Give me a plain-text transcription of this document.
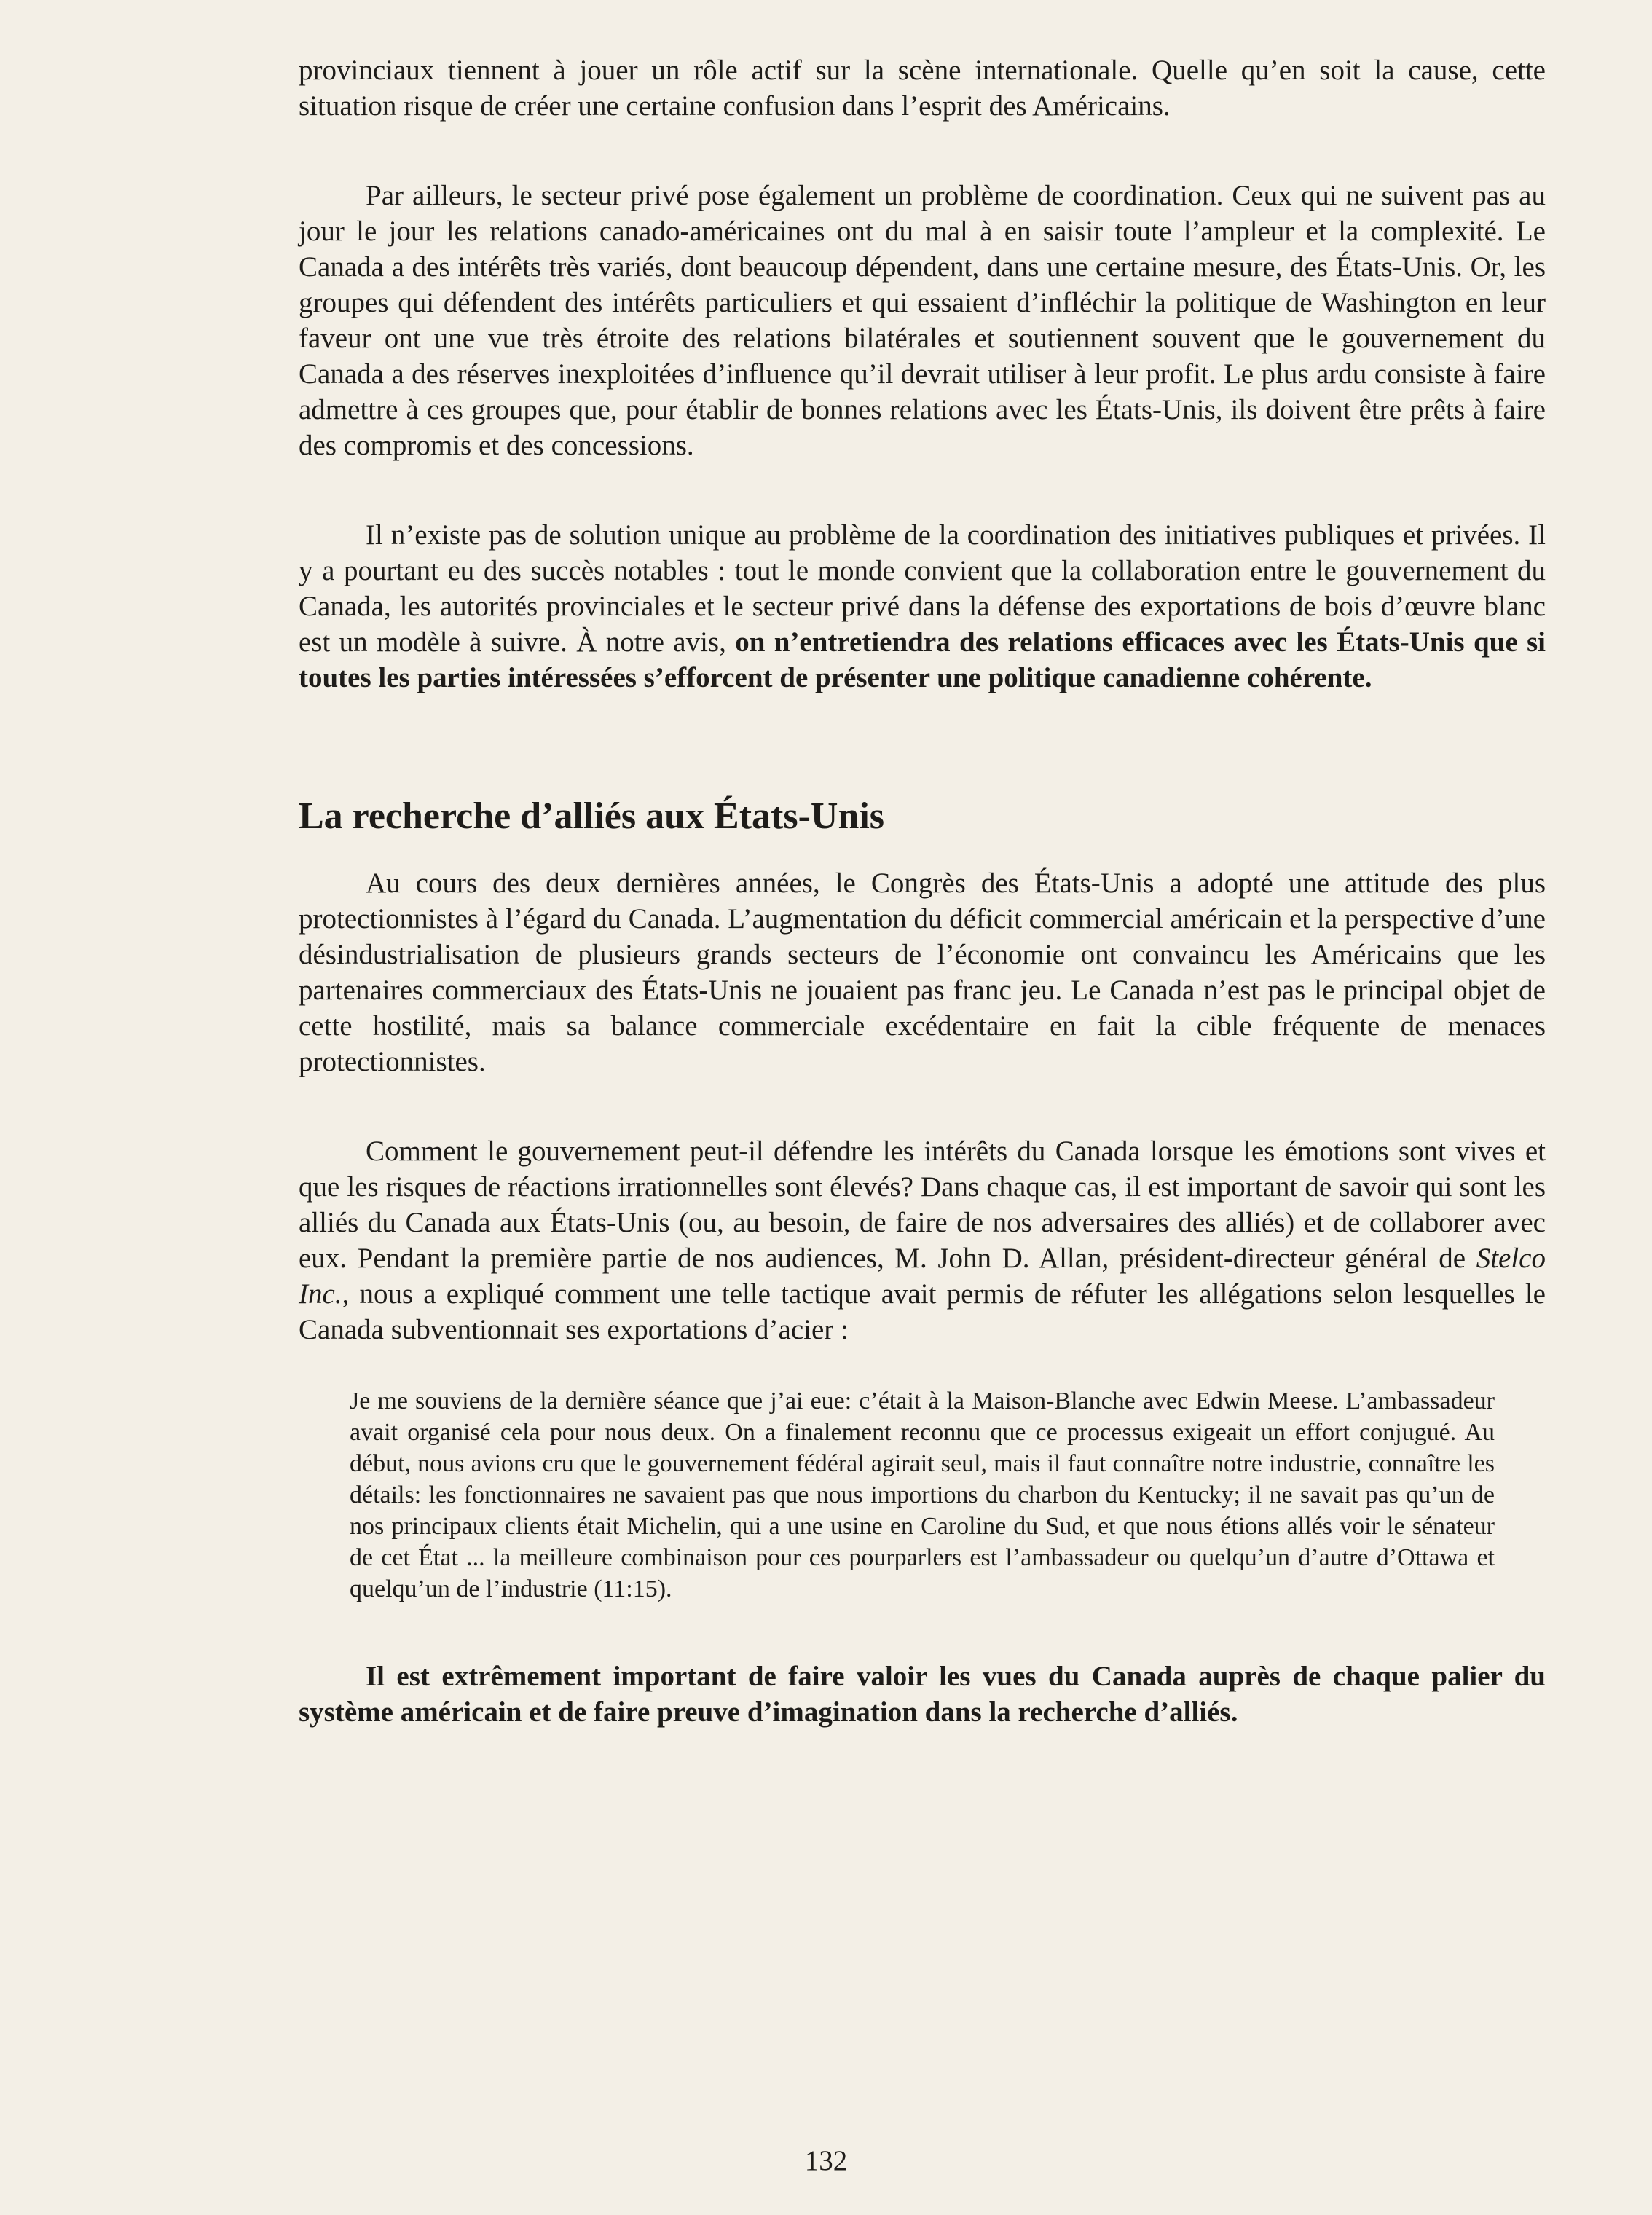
provinciaux tiennent à jouer un rôle actif sur la scène internationale. Quelle qu’en soit la cause, cette situation risque de créer une certaine confusion dans l’esprit des Américains.

Par ailleurs, le secteur privé pose également un problème de coordination. Ceux qui ne suivent pas au jour le jour les relations canado-américaines ont du mal à en saisir toute l’ampleur et la complexité. Le Canada a des intérêts très variés, dont beaucoup dépendent, dans une certaine mesure, des États-Unis. Or, les groupes qui défendent des intérêts particuliers et qui essaient d’infléchir la politique de Washington en leur faveur ont une vue très étroite des relations bilatérales et soutiennent souvent que le gouvernement du Canada a des réserves inexploitées d’influence qu’il devrait utiliser à leur profit. Le plus ardu consiste à faire admettre à ces groupes que, pour établir de bonnes relations avec les États-Unis, ils doivent être prêts à faire des compromis et des concessions.

Il n’existe pas de solution unique au problème de la coordination des initiatives publiques et privées. Il y a pourtant eu des succès notables : tout le monde convient que la collaboration entre le gouvernement du Canada, les autorités provinciales et le secteur privé dans la défense des exportations de bois d’œuvre blanc est un modèle à suivre. À notre avis, on n’entretiendra des relations efficaces avec les États-Unis que si toutes les parties intéressées s’efforcent de présenter une politique canadienne cohérente.

La recherche d’alliés aux États-Unis

Au cours des deux dernières années, le Congrès des États-Unis a adopté une attitude des plus protectionnistes à l’égard du Canada. L’augmentation du déficit commercial américain et la perspective d’une désindustrialisation de plusieurs grands secteurs de l’économie ont convaincu les Américains que les partenaires commerciaux des États-Unis ne jouaient pas franc jeu. Le Canada n’est pas le principal objet de cette hostilité, mais sa balance commerciale excédentaire en fait la cible fréquente de menaces protectionnistes.

Comment le gouvernement peut-il défendre les intérêts du Canada lorsque les émotions sont vives et que les risques de réactions irrationnelles sont élevés? Dans chaque cas, il est important de savoir qui sont les alliés du Canada aux États-Unis (ou, au besoin, de faire de nos adversaires des alliés) et de collaborer avec eux. Pendant la première partie de nos audiences, M. John D. Allan, président-directeur général de Stelco Inc., nous a expliqué comment une telle tactique avait permis de réfuter les allégations selon lesquelles le Canada subventionnait ses exportations d’acier :

Je me souviens de la dernière séance que j’ai eue: c’était à la Maison-Blanche avec Edwin Meese. L’ambassadeur avait organisé cela pour nous deux. On a finalement reconnu que ce processus exigeait un effort conjugué. Au début, nous avions cru que le gouvernement fédéral agirait seul, mais il faut connaître notre industrie, connaître les détails: les fonctionnaires ne savaient pas que nous importions du charbon du Kentucky; il ne savait pas qu’un de nos principaux clients était Michelin, qui a une usine en Caroline du Sud, et que nous étions allés voir le sénateur de cet État ... la meilleure combinaison pour ces pourparlers est l’ambassadeur ou quelqu’un d’autre d’Ottawa et quelqu’un de l’industrie (11:15).

Il est extrêmement important de faire valoir les vues du Canada auprès de chaque palier du système américain et de faire preuve d’imagination dans la recherche d’alliés.

132
